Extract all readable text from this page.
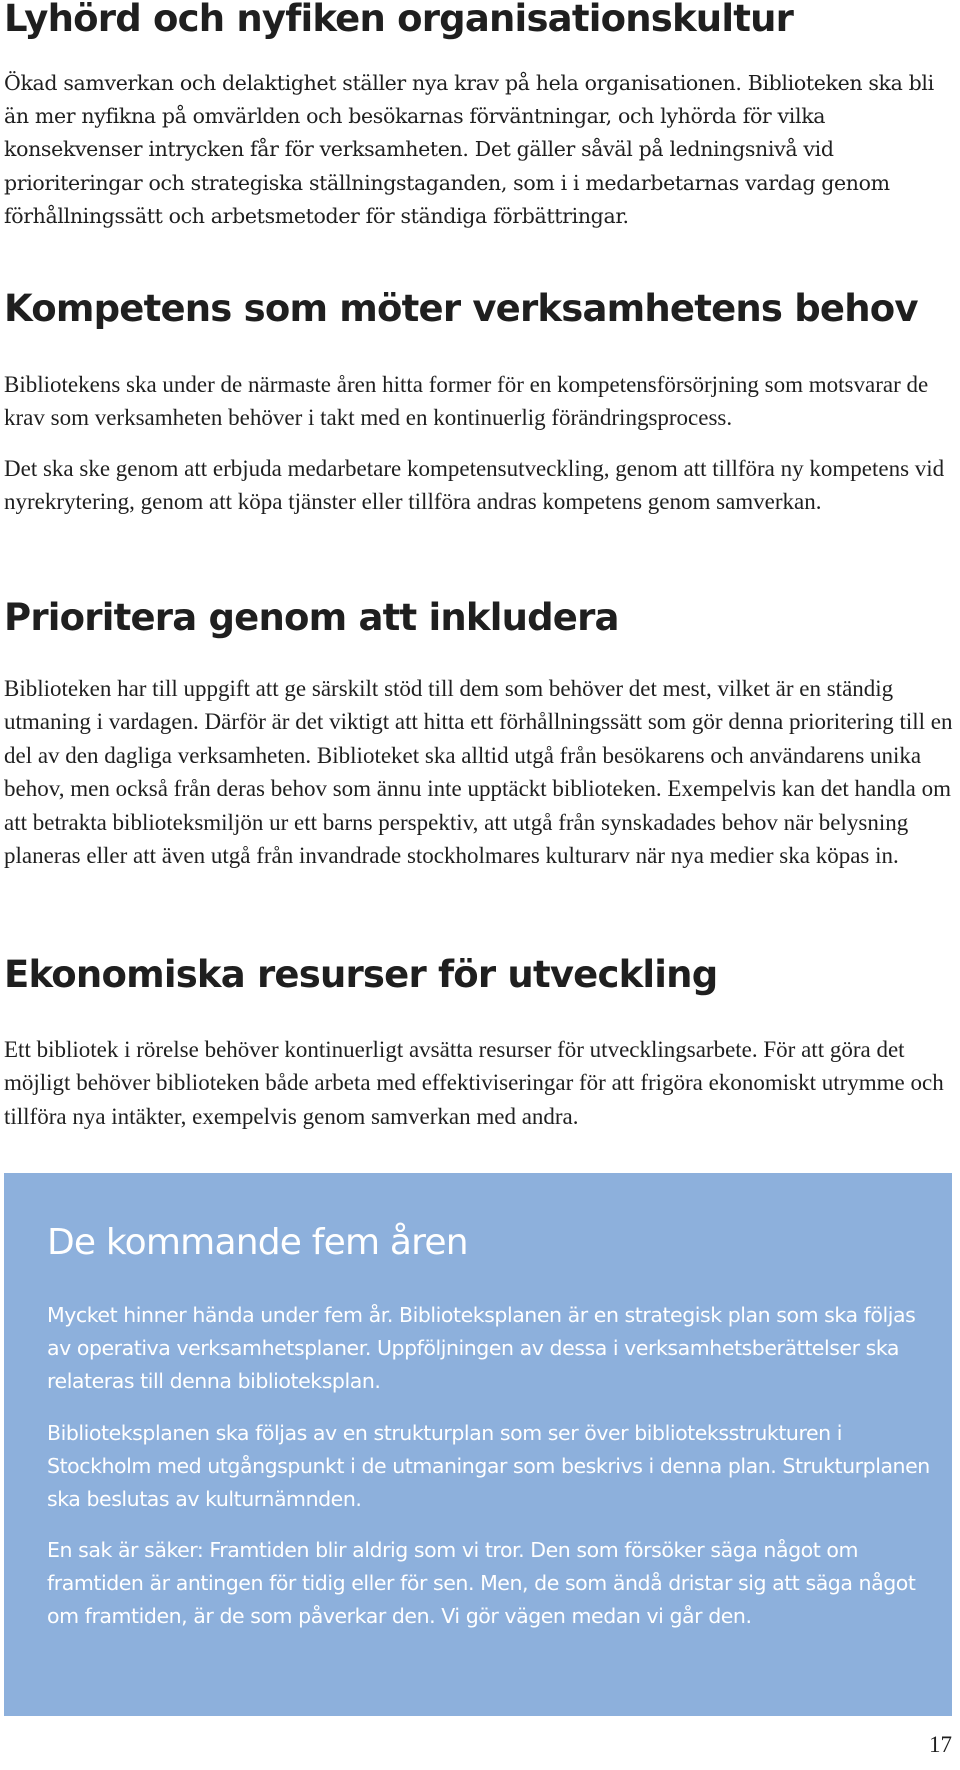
Lyhörd och nyfiken organisationskultur

Ökad samverkan och delaktighet ställer nya krav på hela organisationen. Biblioteken ska bli än mer nyfikna på omvärlden och besökarnas förväntningar, och lyhörda för vilka konsekvenser intrycken får för verksamheten. Det gäller såväl på ledningsnivå vid prioriteringar och strategiska ställningstaganden, som i i medarbetarnas vardag genom förhållningssätt och arbetsmetoder för ständiga förbättringar.

Kompetens som möter verksamhetens behov

Bibliotekens ska under de närmaste åren hitta former för en kompetensförsörjning som motsvarar de krav som verksamheten behöver i takt med en kontinuerlig förändringsprocess.

Det ska ske genom att erbjuda medarbetare kompetensutveckling, genom att tillföra ny kompetens vid nyrekrytering, genom att köpa tjänster eller tillföra andras kompetens genom samverkan.

Prioritera genom att inkludera

Biblioteken har till uppgift att ge särskilt stöd till dem som behöver det mest, vilket är en ständig utmaning i vardagen. Därför är det viktigt att hitta ett förhållningssätt som gör denna prioritering till en del av den dagliga verksamheten. Biblioteket ska alltid utgå från besökarens och användarens unika behov, men också från deras behov som ännu inte upptäckt biblioteken. Exempelvis kan det handla om att betrakta biblioteksmiljön ur ett barns perspektiv, att utgå från synskadades behov när belysning planeras eller att även utgå från invandrade stockholmares kulturarv när nya medier ska köpas in.

Ekonomiska resurser för utveckling

Ett bibliotek i rörelse behöver kontinuerligt avsätta resurser för utvecklingsarbete. För att göra det möjligt behöver biblioteken både arbeta med effektiviseringar för att frigöra ekonomiskt utrymme och tillföra nya intäkter, exempelvis genom samverkan med andra.

De kommande fem åren

Mycket hinner hända under fem år. Biblioteksplanen är en strategisk plan som ska följas av operativa verksamhetsplaner. Uppföljningen av dessa i verksamhetsberättelser ska relateras till denna biblioteksplan.

Biblioteksplanen ska följas av en strukturplan som ser över biblioteksstrukturen i Stockholm med utgångspunkt i de utmaningar som beskrivs i denna plan. Strukturplanen ska beslutas av kulturnämnden.

En sak är säker: Framtiden blir aldrig som vi tror. Den som försöker säga något om framtiden är antingen för tidig eller för sen. Men, de som ändå dristar sig att säga något om framtiden, är de som påverkar den. Vi gör vägen medan vi går den.

17
